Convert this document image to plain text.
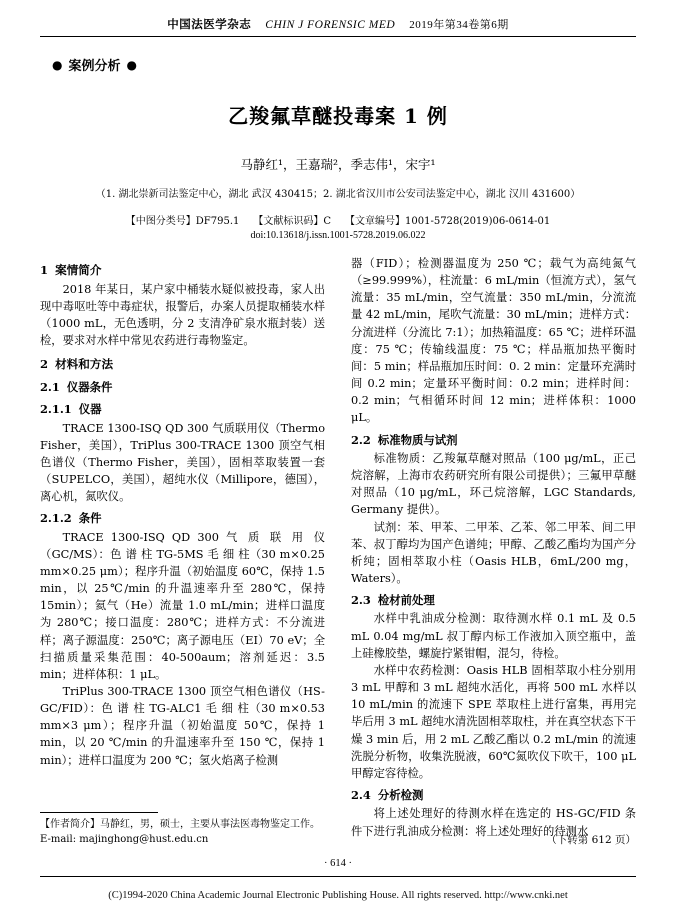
中国法医学杂志 CHIN J FORENSIC MED 2019年第34卷第6期
● 案例分析 ●
乙羧氟草醚投毒案 1 例
马静红¹，王嘉瑞²，季志伟¹，宋宇¹
（1. 湖北崇新司法鉴定中心，湖北 武汉 430415；2. 湖北省汉川市公安司法鉴定中心，湖北 汉川 431600）
【中图分类号】DF795.1 【文献标识码】C 【文章编号】1001-5728(2019)06-0614-01
doi:10.13618/j.issn.1001-5728.2019.06.022
1 案情简介

2018 年某日，某户家中桶装水疑似被投毒，家人出现中毒呕吐等中毒症状，报警后，办案人员提取桶装水样（1000 mL，无色透明，分 2 支清净矿泉水瓶封装）送检，要求对水样中常见农药进行毒物鉴定。

2 材料和方法
2.1 仪器条件
2.1.1 仪器

TRACE 1300-ISQ QD 300 气质联用仪（Thermo Fisher，美国），TriPlus 300-TRACE 1300 顶空气相色谱仪（Thermo Fisher，美国），固相萃取装置一套（SUPELCO，美国），超纯水仪（Millipore，德国），离心机，氮吹仪。

2.1.2 条件

TRACE 1300-ISQ QD 300 气 质 联 用 仪（GC/MS）：色 谱 柱 TG-5MS 毛 细 柱（30 m×0.25 mm×0.25 μm）；程序升温（初始温度 60℃，保持 1.5 min，以 25℃/min 的升温速率升至 280℃，保持 15min）；氦气（He）流量 1.0 mL/min；进样口温度为 280℃；接口温度：280℃；进样方式：不分流进样；离子源温度：250℃；离子源电压（EI）70 eV；全扫描质量采集范围：40-500aum；溶剂延迟：3.5 min；进样体积：1 μL。

TriPlus 300-TRACE 1300 顶空气相色谱仪（HS-GC/FID）：色 谱 柱 TG-ALC1 毛 细 柱（30 m×0.53 mm×3 μm）；程序升温（初始温度 50℃，保持 1 min，以 20 ℃/min 的升温速率升至 150 ℃，保持 1 min）；进样口温度为 200 ℃；氢火焰离子检测

器（FID）；检测器温度为 250 ℃；载气为高纯氮气（≥99.999%），柱流量：6 mL/min（恒流方式），氢气流量：35 mL/min，空气流量：350 mL/min，分流流量 42 mL/min，尾吹气流量：30 mL/min；进样方式：分流进样（分流比 7:1）；加热箱温度：65 ℃；进样环温度：75 ℃；传输线温度：75 ℃；样品瓶加热平衡时间：5 min；样品瓶加压时间：0. 2 min：定量环充满时间 0.2 min；定量环平衡时间：0.2 min；进样时间：0.2 min；气相循环时间 12 min；进样体积：1000 μL。

2.2 标准物质与试剂

标准物质：乙羧氟草醚对照品（100 μg/mL，正己烷溶解，上海市农药研究所有限公司提供）；三氟甲草醚对照品（10 μg/mL，环己烷溶解，LGC Standards, Germany 提供）。

试剂：苯、甲苯、二甲苯、乙苯、邻二甲苯、间二甲苯、叔丁醇均为国产色谱纯；甲醇、乙酸乙酯均为国产分析纯；固相萃取小柱（Oasis HLB，6mL/200 mg，Waters）。

2.3 检材前处理

水样中乳油成分检测：取待测水样 0.1 mL 及 0.5 mL 0.04 mg/mL 叔丁醇内标工作液加入顶空瓶中，盖上硅橡胶垫，螺旋拧紧钳帽，混匀，待检。

水样中农药检测：Oasis HLB 固相萃取小柱分别用 3 mL 甲醇和 3 mL 超纯水活化，再将 500 mL 水样以 10 mL/min 的流速下 SPE 萃取柱上进行富集，再用完毕后用 3 mL 超纯水清洗固相萃取柱，并在真空状态下干燥 3 min 后，用 2 mL 乙酸乙酯以 0.2 mL/min 的流速洗脱分析物，收集洗脱液，60℃氮吹仪下吹干，100 μL 甲醇定容待检。

2.4 分析检测

将上述处理好的待测水样在选定的 HS-GC/FID 条件下进行乳油成分检测：将上述处理好的待测水

【作者简介】马静红，男，硕士，主要从事法医毒物鉴定工作。
E-mail: majinghong@hust.edu.cn	（下转第 612 页）
· 614 ·
(C)1994-2020 China Academic Journal Electronic Publishing House. All rights reserved. http://www.cnki.net
